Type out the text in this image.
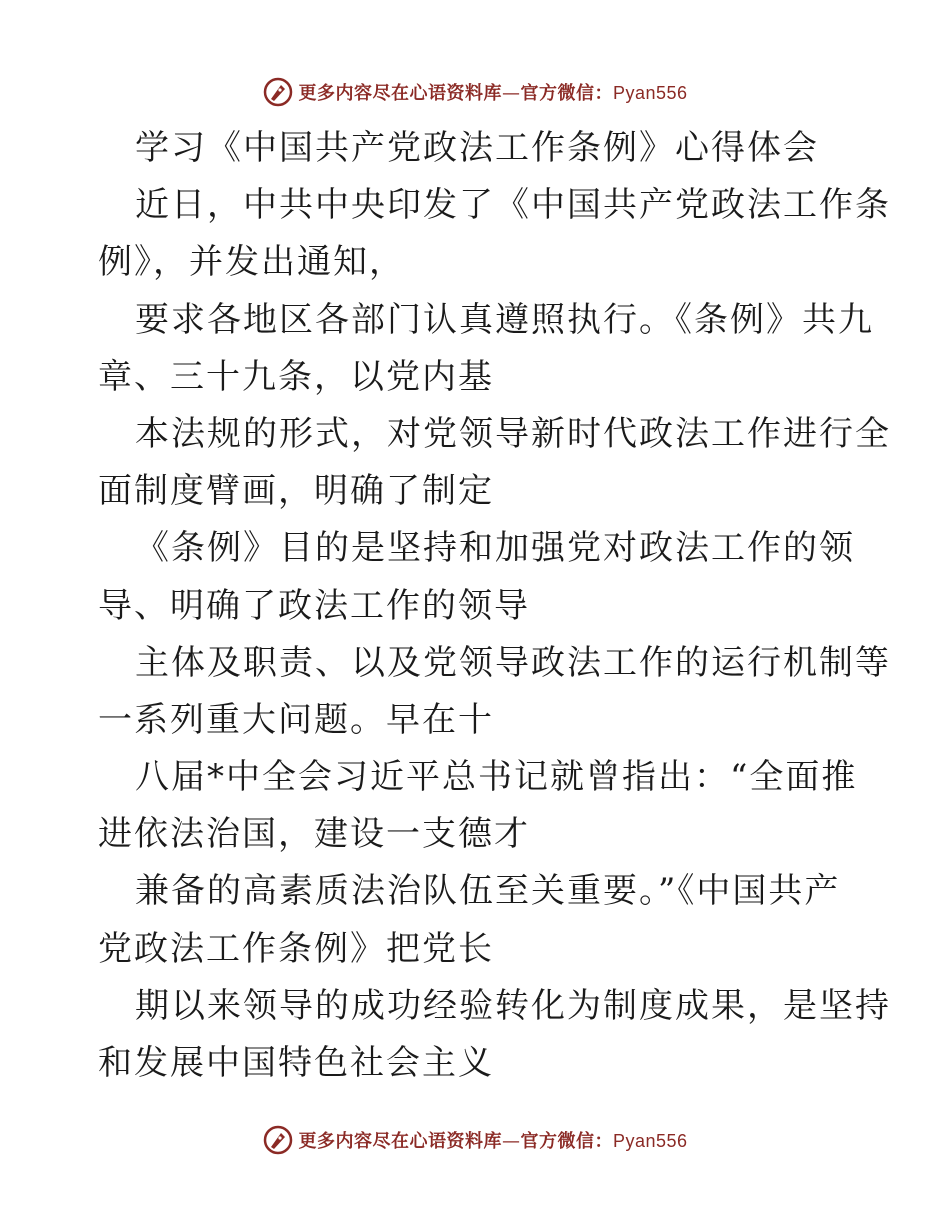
更多内容尽在心语资料库—官方微信：Pyan556
学习《中国共产党政法工作条例》心得体会
近日，中共中央印发了《中国共产党政法工作条
例》，并发出通知，
要求各地区各部门认真遵照执行。《条例》共九
章、三十九条，以党内基
本法规的形式，对党领导新时代政法工作进行全
面制度臂画，明确了制定
《条例》目的是坚持和加强党对政法工作的领
导、明确了政法工作的领导
主体及职责、以及党领导政法工作的运行机制等
一系列重大问题。早在十
八届*中全会习近平总书记就曾指出：“全面推
进依法治国，建设一支德才
兼备的高素质法治队伍至关重要。”《中国共产
党政法工作条例》把党长
期以来领导的成功经验转化为制度成果，是坚持
和发展中国特色社会主义
更多内容尽在心语资料库—官方微信：Pyan556
